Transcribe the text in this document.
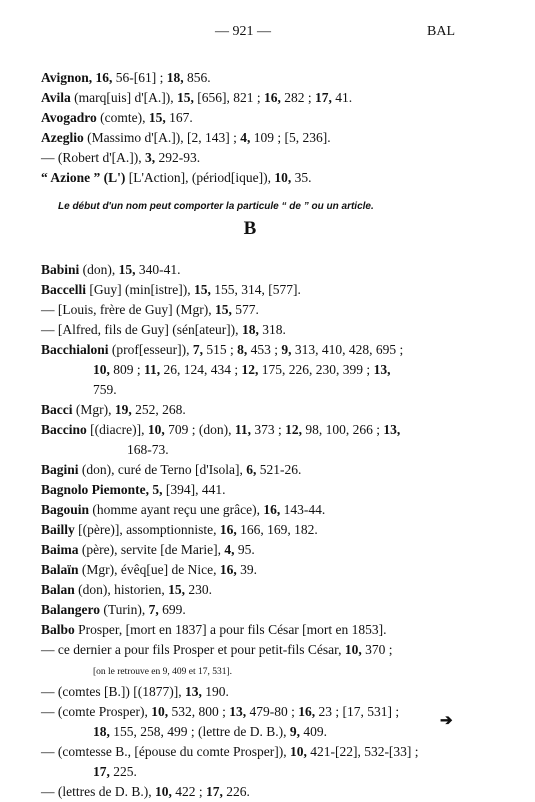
— 921 —	BAL
Avignon, 16, 56-[61] ; 18, 856.
Avila (marq[uis] d'[A.]), 15, [656], 821 ; 16, 282 ; 17, 41.
Avogadro (comte), 15, 167.
Azeglio (Massimo d'[A.]), [2, 143] ; 4, 109 ; [5, 236].
— (Robert d'[A.]), 3, 292-93.
“ Azione ” (L') [L'Action], (périod[ique]), 10, 35.
Le début d'un nom peut comporter la particule “ de ” ou un article.
B
Babini (don), 15, 340-41.
Baccelli [Guy] (min[istre]), 15, 155, 314, [577].
— [Louis, frère de Guy] (Mgr), 15, 577.
— [Alfred, fils de Guy] (sén[ateur]), 18, 318.
Bacchialoni (prof[esseur]), 7, 515 ; 8, 453 ; 9, 313, 410, 428, 695 ;
10, 809 ; 11, 26, 124, 434 ; 12, 175, 226, 230, 399 ; 13,
759.
Bacci (Mgr), 19, 252, 268.
Baccino [(diacre)], 10, 709 ; (don), 11, 373 ; 12, 98, 100, 266 ; 13,
168-73.
Bagini (don), curé de Terno [d'Isola], 6, 521-26.
Bagnolo Piemonte, 5, [394], 441.
Bagouin (homme ayant reçu une grâce), 16, 143-44.
Bailly [(père)], assomptionniste, 16, 166, 169, 182.
Baima (père), servite [de Marie], 4, 95.
Balaïn (Mgr), évêq[ue] de Nice, 16, 39.
Balan (don), historien, 15, 230.
Balangero (Turin), 7, 699.
Balbo Prosper, [mort en 1837] a pour fils César [mort en 1853].
— ce dernier a pour fils Prosper et pour petit-fils César, 10, 370 ;
[on le retrouve en 9, 409 et 17, 531].
— (comtes [B.]) [(1877)], 13, 190.
— (comte Prosper), 10, 532, 800 ; 13, 479-80 ; 16, 23 ; [17, 531] ;
18, 155, 258, 499 ; (lettre de D. B.), 9, 409.
— (comtesse B., [épouse du comte Prosper]), 10, 421-[22], 532-[33] ;
17, 225.
— (lettres de D. B.), 10, 422 ; 17, 226.
➔
